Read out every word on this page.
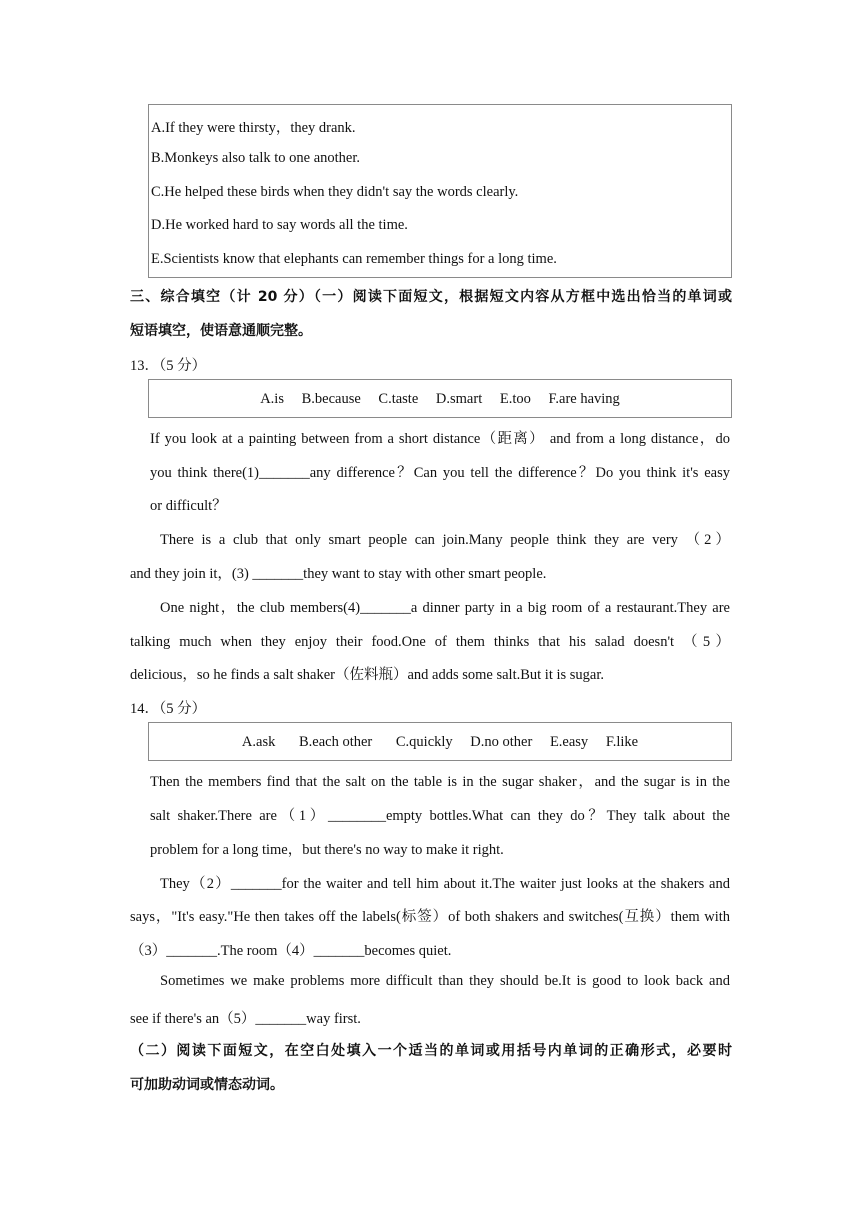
A.If they were thirsty，they drank.
B.Monkeys also talk to one another.
C.He helped these birds when they didn't say the words clearly.
D.He worked hard to say words all the time.
E.Scientists know that elephants can remember things for a long time.
三、综合填空（计 20 分）（一）阅读下面短文，根据短文内容从方框中选出恰当的单词或
短语填空，使语意通顺完整。
13．（5 分）
A.is B.because C.taste D.smart E.too F.are having
If you look at a painting between from a short distance（距离） and from a long distance，do
you think there(1)_______any difference？Can you tell the difference？Do you think it's easy
or difficult？
There is a club that only smart people can join.Many people think they are very （2）
and they join it，(3) _______they want to stay with other smart people.
One night，the club members(4)_______a dinner party in a big room of a restaurant.They are
talking much when they enjoy their food.One of them thinks that his salad doesn't （5）
delicious，so he finds a salt shaker（佐料瓶）and adds some salt.But it is sugar.
14．（5 分）
A.ask B.each other C.quickly D.no other E.easy F.like
Then the members find that the salt on the table is in the sugar shaker，and the sugar is in the
salt shaker.There are（1）________empty bottles.What can they do？They talk about the
problem for a long time，but there's no way to make it right.
They（2）_______for the waiter and tell him about it.The waiter just looks at the shakers and
says，"It's easy."He then takes off the labels(标签）of both shakers and switches(互换）them with
（3）_______.The room（4）_______becomes quiet.
Sometimes we make problems more difficult than they should be.It is good to look back and
see if there's an（5）_______way first.
（二）阅读下面短文，在空白处填入一个适当的单词或用括号内单词的正确形式，必要时
可加助动词或情态动词。
